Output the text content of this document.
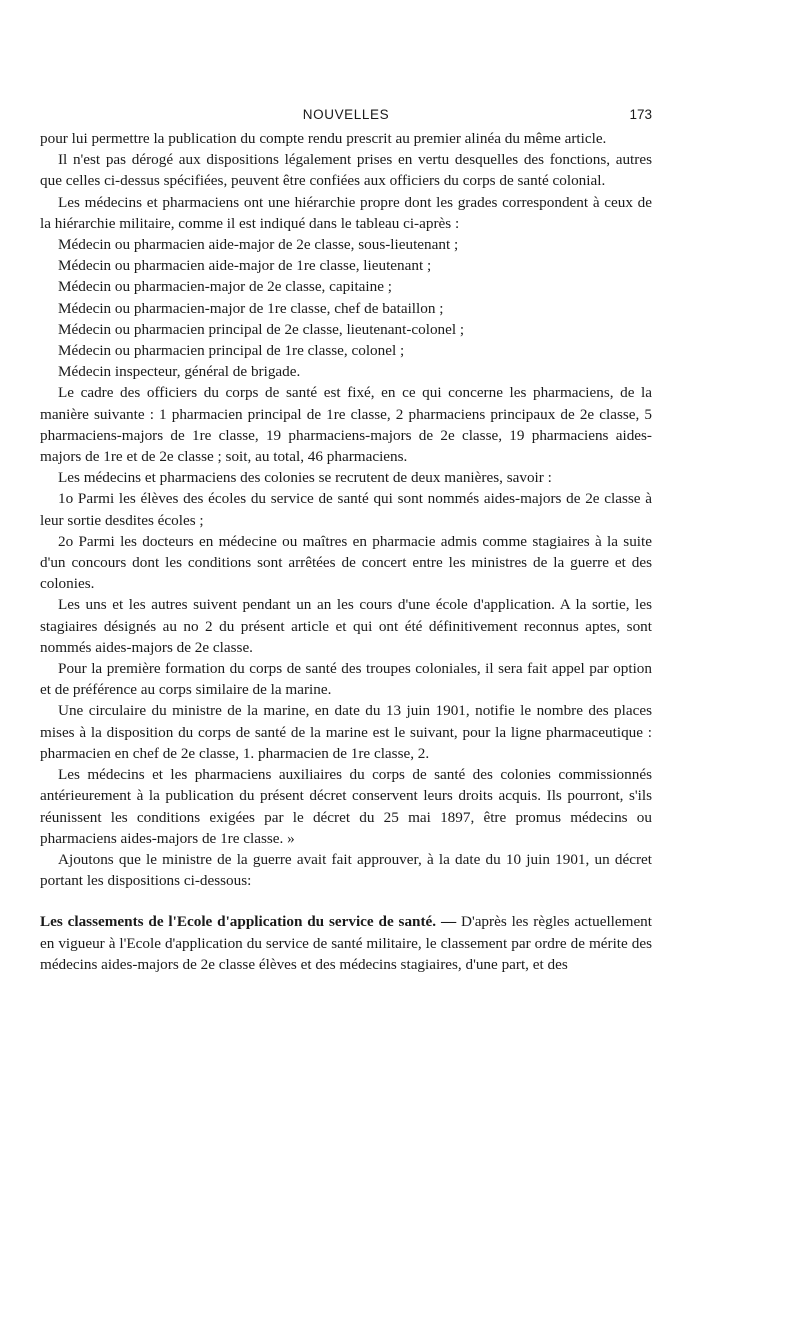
NOUVELLES	173

pour lui permettre la publication du compte rendu prescrit au premier alinéa du même article.

Il n'est pas dérogé aux dispositions légalement prises en vertu desquelles des fonctions, autres que celles ci-dessus spécifiées, peuvent être confiées aux officiers du corps de santé colonial.

Les médecins et pharmaciens ont une hiérarchie propre dont les grades correspondent à ceux de la hiérarchie militaire, comme il est indiqué dans le tableau ci-après :

Médecin ou pharmacien aide-major de 2e classe, sous-lieutenant ;

Médecin ou pharmacien aide-major de 1re classe, lieutenant ;

Médecin ou pharmacien-major de 2e classe, capitaine ;

Médecin ou pharmacien-major de 1re classe, chef de bataillon ;

Médecin ou pharmacien principal de 2e classe, lieutenant-colonel ;

Médecin ou pharmacien principal de 1re classe, colonel ;

Médecin inspecteur, général de brigade.

Le cadre des officiers du corps de santé est fixé, en ce qui concerne les pharmaciens, de la manière suivante : 1 pharmacien principal de 1re classe, 2 pharmaciens principaux de 2e classe, 5 pharmaciens-majors de 1re classe, 19 pharmaciens-majors de 2e classe, 19 pharmaciens aides-majors de 1re et de 2e classe ; soit, au total, 46 pharmaciens.

Les médecins et pharmaciens des colonies se recrutent de deux manières, savoir :

1o Parmi les élèves des écoles du service de santé qui sont nommés aides-majors de 2e classe à leur sortie desdites écoles ;

2o Parmi les docteurs en médecine ou maîtres en pharmacie admis comme stagiaires à la suite d'un concours dont les conditions sont arrêtées de concert entre les ministres de la guerre et des colonies.

Les uns et les autres suivent pendant un an les cours d'une école d'application. A la sortie, les stagiaires désignés au no 2 du présent article et qui ont été définitivement reconnus aptes, sont nommés aides-majors de 2e classe.

Pour la première formation du corps de santé des troupes coloniales, il sera fait appel par option et de préférence au corps similaire de la marine.

Une circulaire du ministre de la marine, en date du 13 juin 1901, notifie le nombre des places mises à la disposition du corps de santé de la marine est le suivant, pour la ligne pharmaceutique : pharmacien en chef de 2e classe, 1. pharmacien de 1re classe, 2.

Les médecins et les pharmaciens auxiliaires du corps de santé des colonies commissionnés antérieurement à la publication du présent décret conservent leurs droits acquis. Ils pourront, s'ils réunissent les conditions exigées par le décret du 25 mai 1897, être promus médecins ou pharmaciens aides-majors de 1re classe. »

Ajoutons que le ministre de la guerre avait fait approuver, à la date du 10 juin 1901, un décret portant les dispositions ci-dessous:

Les classements de l'Ecole d'application du service de santé. — D'après les règles actuellement en vigueur à l'Ecole d'application du service de santé militaire, le classement par ordre de mérite des médecins aides-majors de 2e classe élèves et des médecins stagiaires, d'une part, et des
